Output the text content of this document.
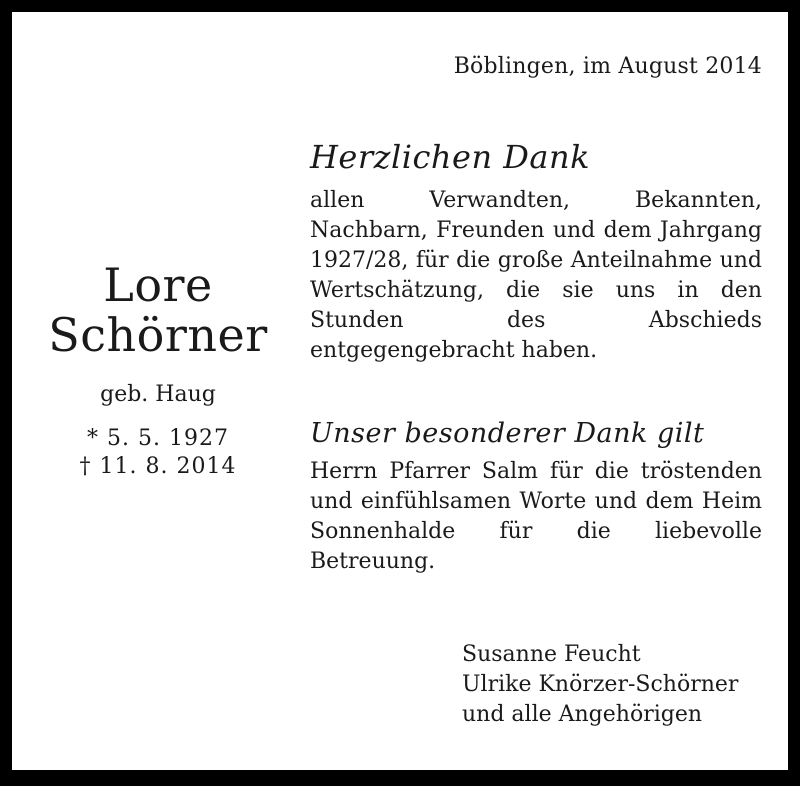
Böblingen, im August 2014
Lore
Schörner
geb. Haug
* 5. 5. 1927
† 11. 8. 2014
Herzlichen Dank

allen Verwandten, Bekannten, Nachbarn, Freunden und dem Jahrgang 1927/28, für die große Anteilnahme und Wertschätzung, die sie uns in den Stunden des Abschieds entgegengebracht haben.

Unser besonderer Dank gilt

Herrn Pfarrer Salm für die tröstenden und einfühlsamen Worte und dem Heim Sonnenhalde für die liebevolle Betreuung.

Susanne Feucht
Ulrike Knörzer-Schörner
und alle Angehörigen
